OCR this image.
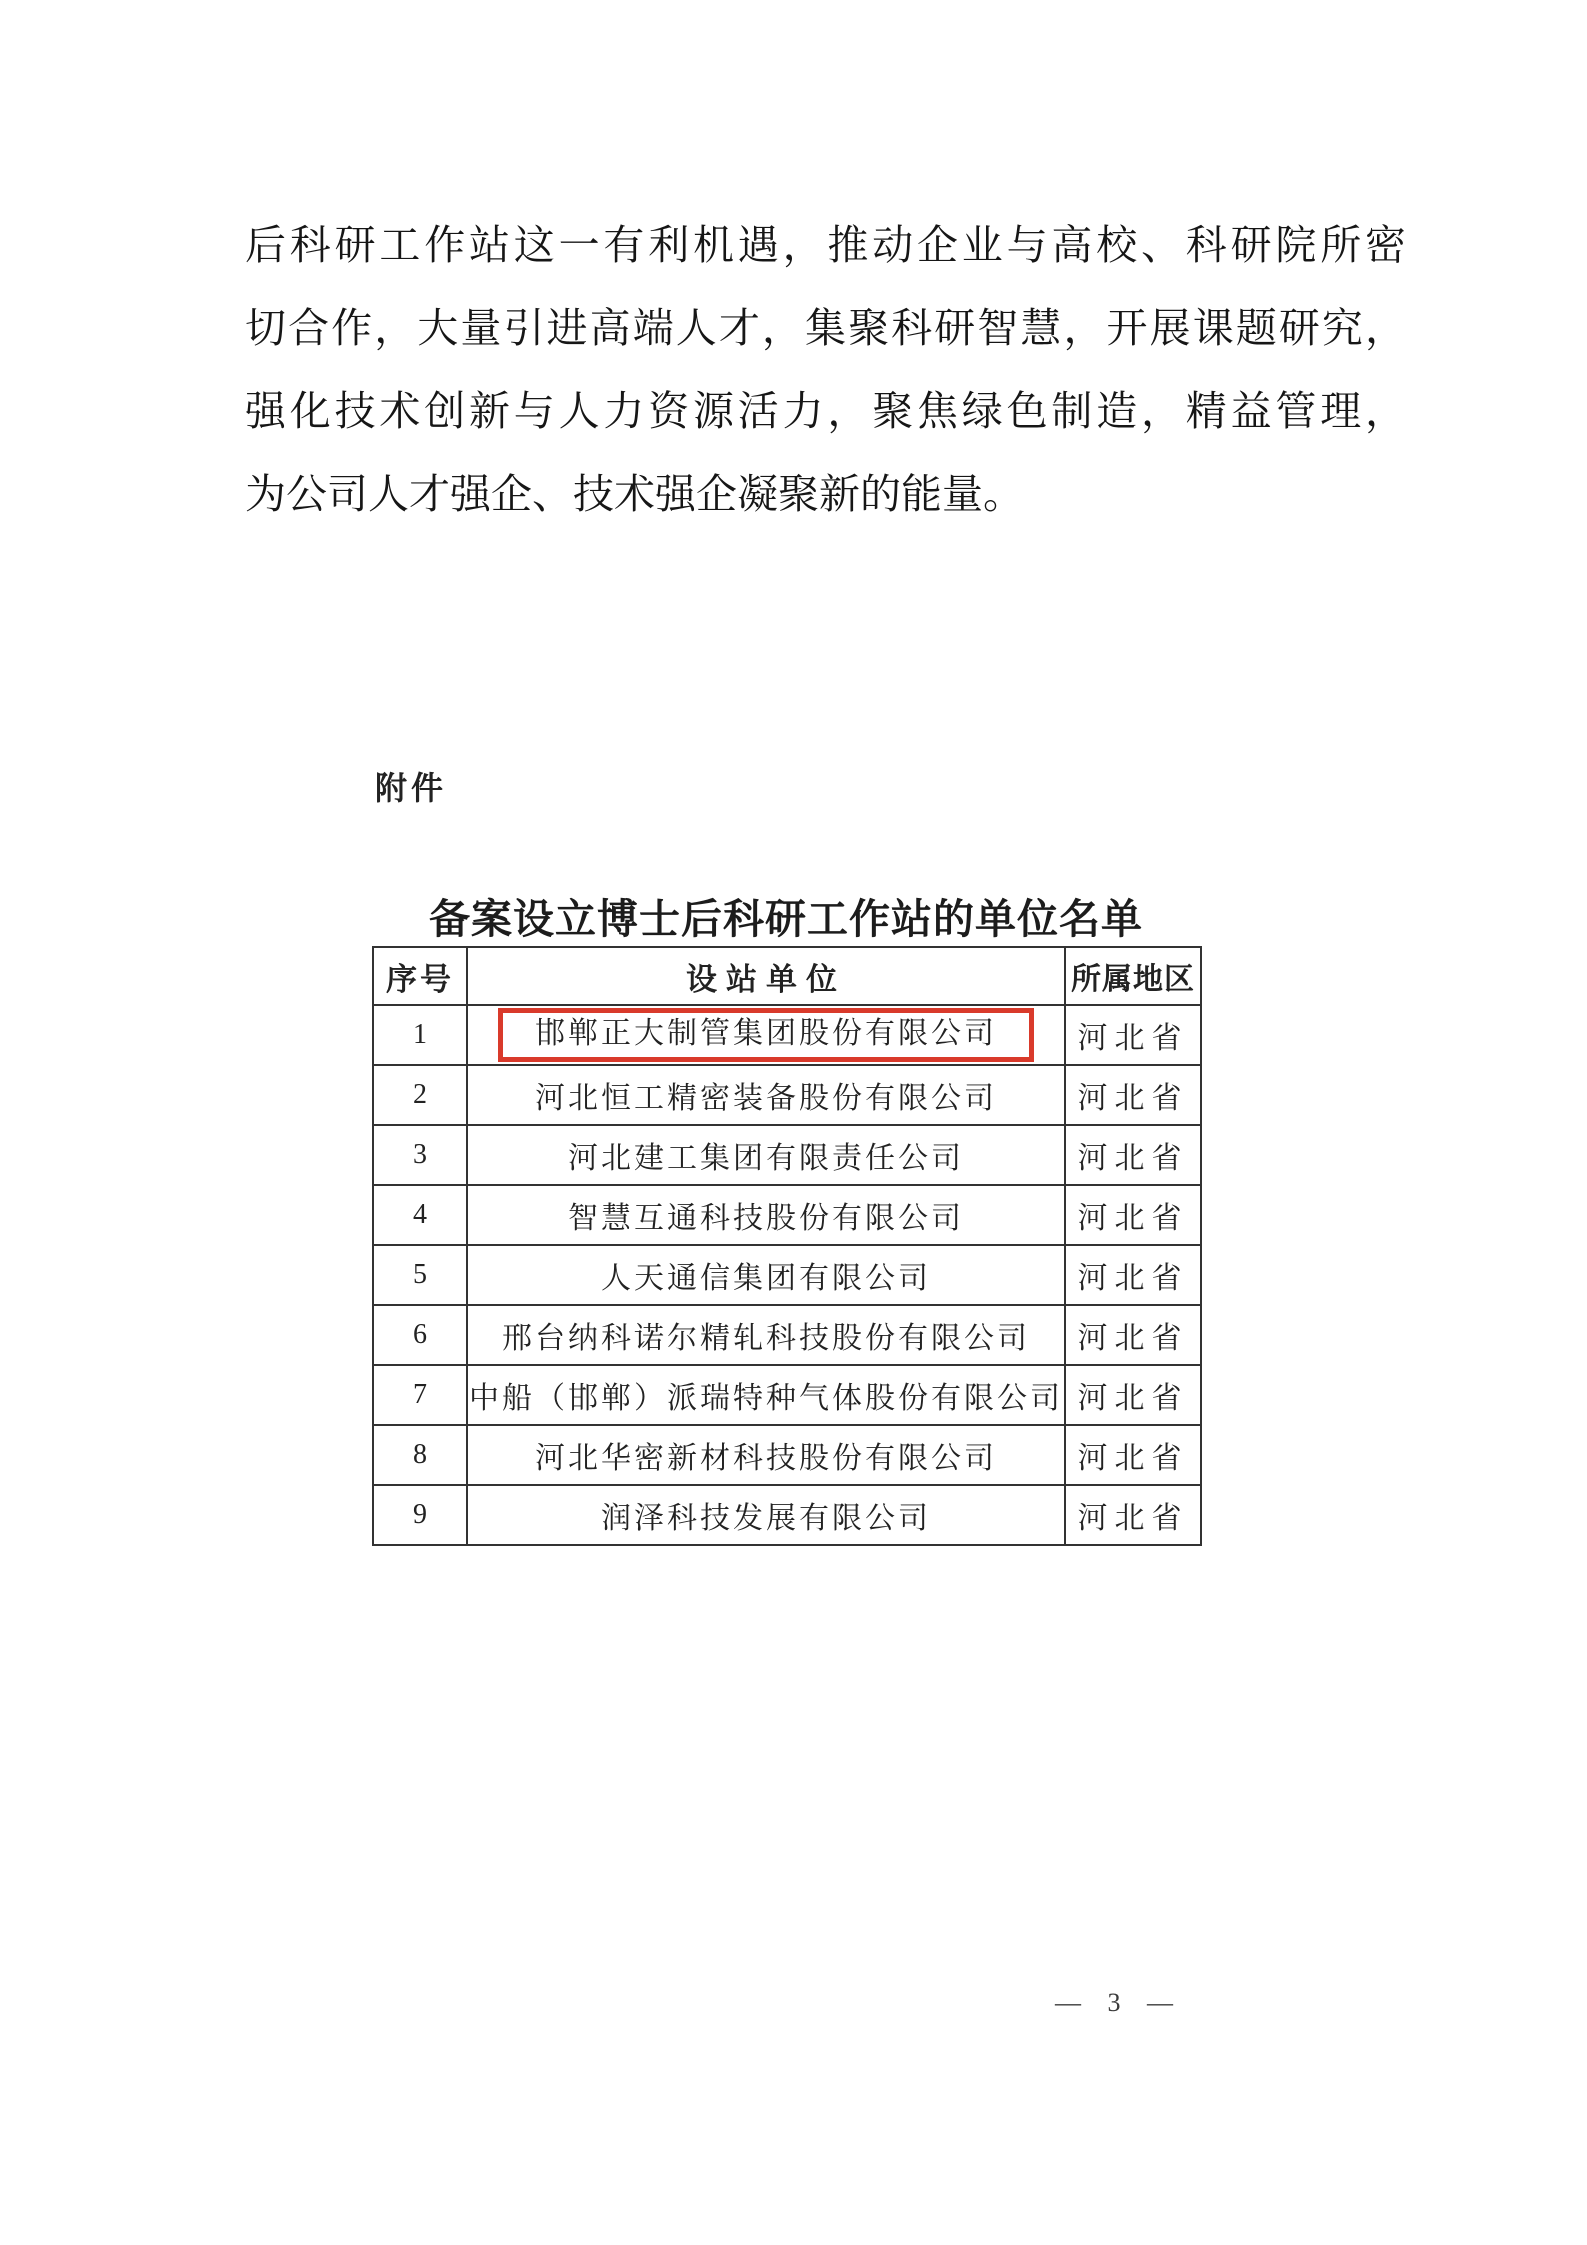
后科研工作站这一有利机遇，推动企业与高校、科研院所密
切合作，大量引进高端人才，集聚科研智慧，开展课题研究，
强化技术创新与人力资源活力，聚焦绿色制造，精益管理，
为公司人才强企、技术强企凝聚新的能量。
附件
备案设立博士后科研工作站的单位名单
序号	设站单位	所属地区
1	邯郸正大制管集团股份有限公司	河北省
2	河北恒工精密装备股份有限公司	河北省
3	河北建工集团有限责任公司	河北省
4	智慧互通科技股份有限公司	河北省
5	人天通信集团有限公司	河北省
6	邢台纳科诺尔精轧科技股份有限公司	河北省
7	中船（邯郸）派瑞特种气体股份有限公司	河北省
8	河北华密新材科技股份有限公司	河北省
9	润泽科技发展有限公司	河北省
— 3 —
